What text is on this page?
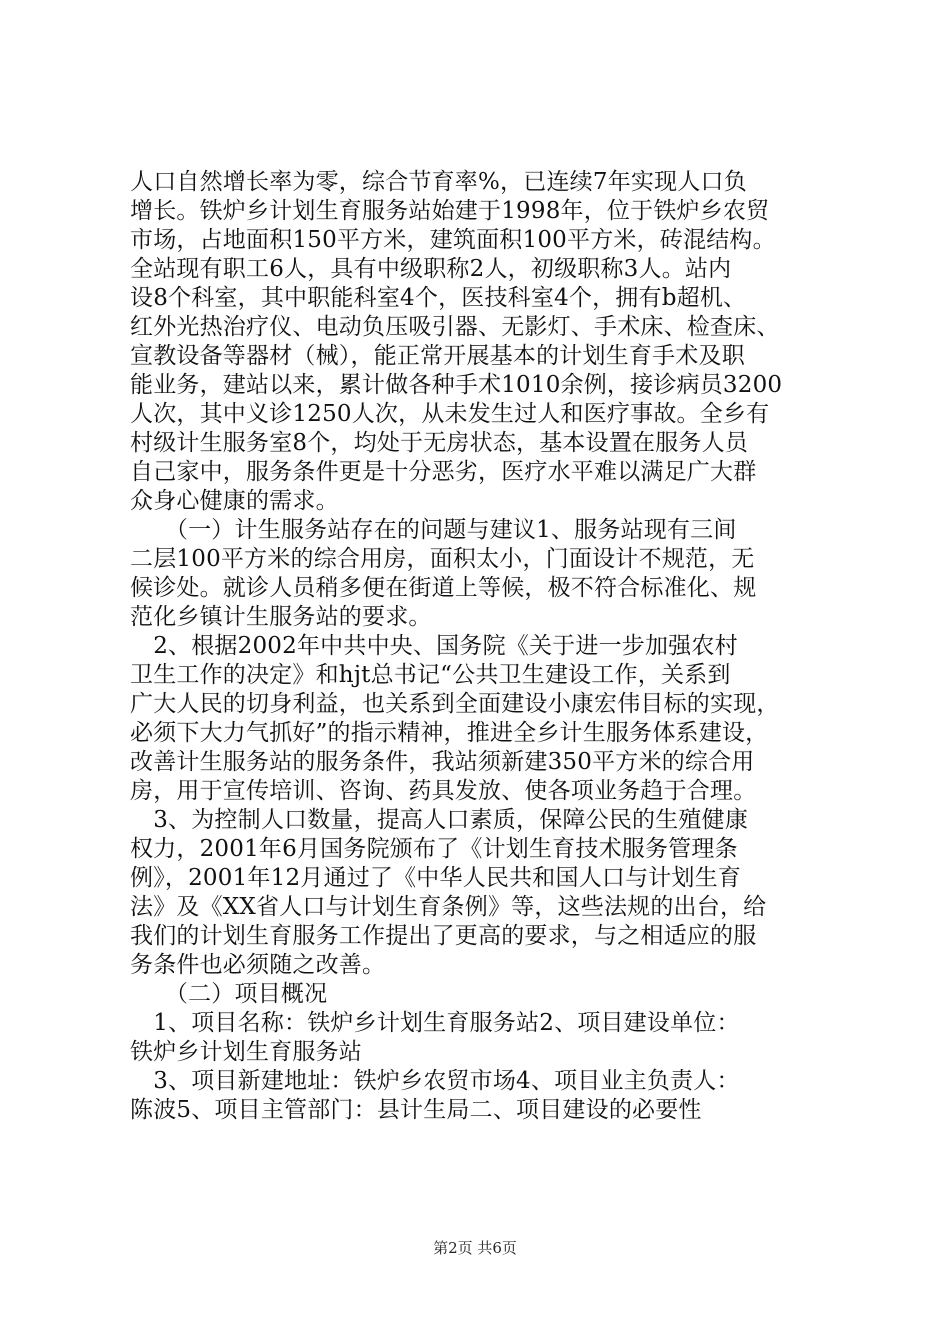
人口自然增长率为零，综合节育率%，已连续7年实现人口负
增长。铁炉乡计划生育服务站始建于1998年，位于铁炉乡农贸
市场，占地面积150平方米，建筑面积100平方米，砖混结构。
全站现有职工6人，具有中级职称2人，初级职称3人。站内
设8个科室，其中职能科室4个，医技科室4个，拥有b超机、
红外光热治疗仪、电动负压吸引器、无影灯、手术床、检查床、
宣教设备等器材（械），能正常开展基本的计划生育手术及职
能业务，建站以来，累计做各种手术1010余例，接诊病员3200
人次，其中义诊1250人次，从未发生过人和医疗事故。全乡有
村级计生服务室8个，均处于无房状态，基本设置在服务人员
自己家中，服务条件更是十分恶劣，医疗水平难以满足广大群
众身心健康的需求。
　　（一）计生服务站存在的问题与建议1、服务站现有三间
二层100平方米的综合用房，面积太小，门面设计不规范，无
候诊处。就诊人员稍多便在街道上等候，极不符合标准化、规
范化乡镇计生服务站的要求。
　2、根据2002年中共中央、国务院《关于进一步加强农村
卫生工作的决定》和hjt总书记“公共卫生建设工作，关系到
广大人民的切身利益，也关系到全面建设小康宏伟目标的实现，
必须下大力气抓好”的指示精神，推进全乡计生服务体系建设，
改善计生服务站的服务条件，我站须新建350平方米的综合用
房，用于宣传培训、咨询、药具发放、使各项业务趋于合理。
　3、为控制人口数量，提高人口素质，保障公民的生殖健康
权力，2001年6月国务院颁布了《计划生育技术服务管理条
例》，2001年12月通过了《中华人民共和国人口与计划生育
法》及《XX省人口与计划生育条例》等，这些法规的出台，给
我们的计划生育服务工作提出了更高的要求，与之相适应的服
务条件也必须随之改善。
　　（二）项目概况
　1、项目名称：铁炉乡计划生育服务站2、项目建设单位：
铁炉乡计划生育服务站
　3、项目新建地址：铁炉乡农贸市场4、项目业主负责人：
陈波5、项目主管部门：县计生局二、项目建设的必要性
第2页 共6页
